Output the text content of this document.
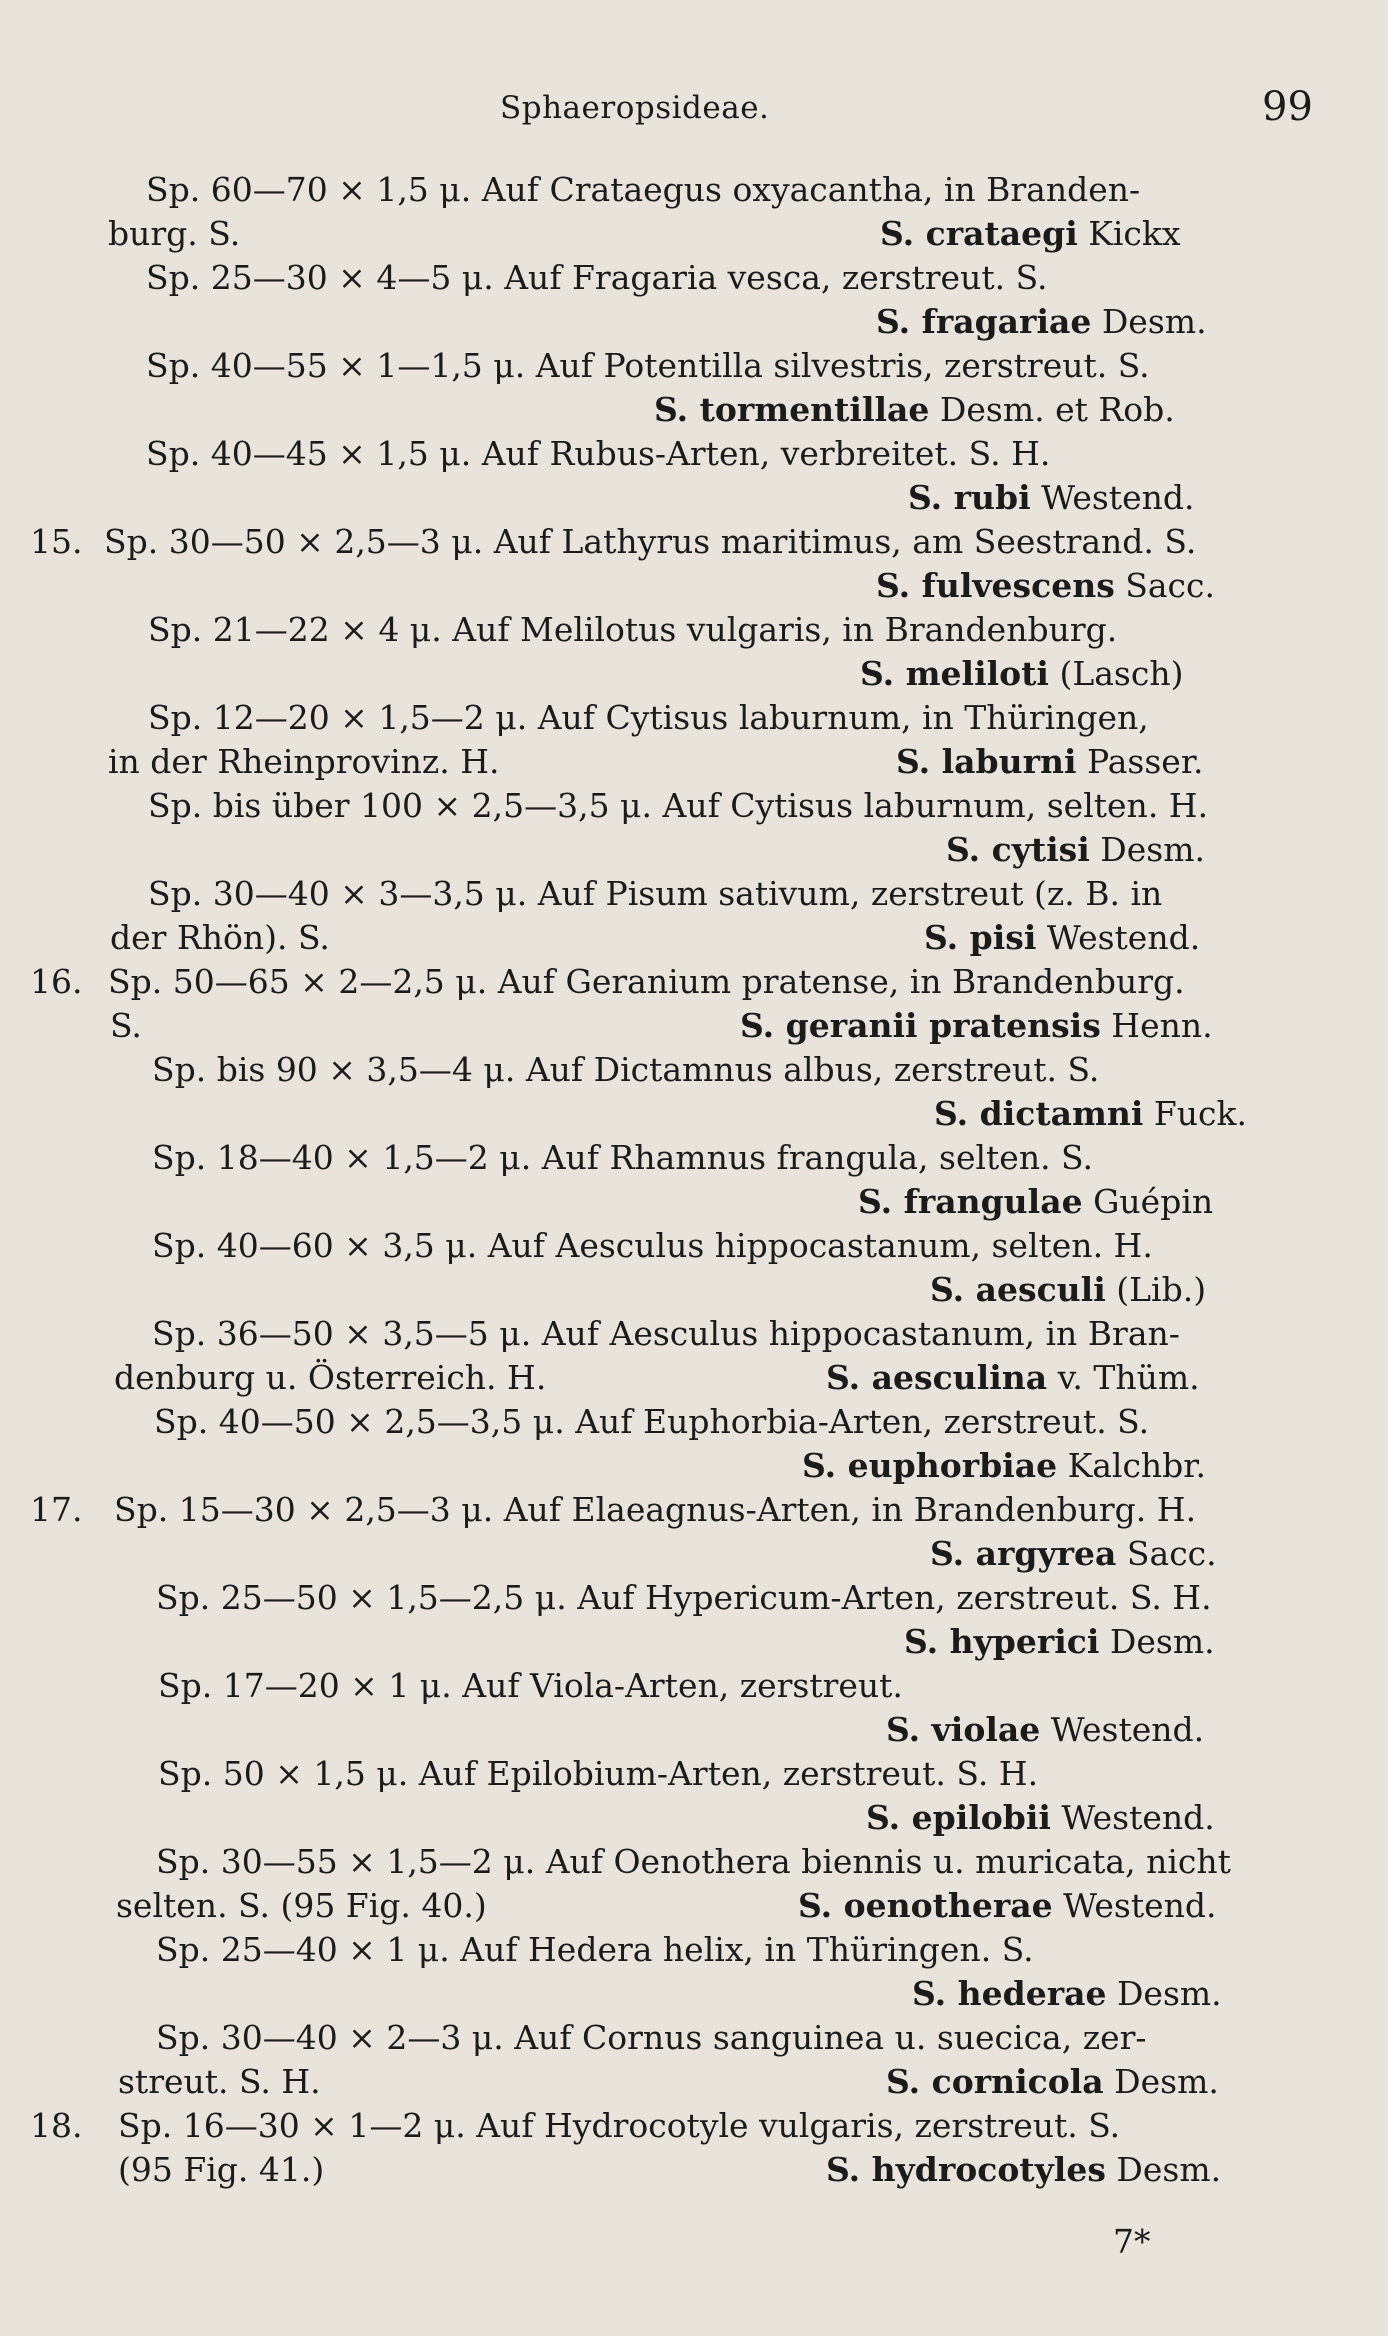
Sphaeropsideae.	99
Sp. 60—70 × 1,5 μ. Auf Crataegus oxyacantha, in Branden-
burg. S.	S. crataegi Kickx
Sp. 25—30 × 4—5 μ. Auf Fragaria vesca, zerstreut. S.
S. fragariae Desm.
Sp. 40—55 × 1—1,5 μ. Auf Potentilla silvestris, zerstreut. S.
S. tormentillae Desm. et Rob.
Sp. 40—45 × 1,5 μ. Auf Rubus-Arten, verbreitet. S. H.
S. rubi Westend.
15. Sp. 30—50 × 2,5—3 μ. Auf Lathyrus maritimus, am Seestrand. S.
S. fulvescens Sacc.
Sp. 21—22 × 4 μ. Auf Melilotus vulgaris, in Brandenburg.
S. meliloti (Lasch)
Sp. 12—20 × 1,5—2 μ. Auf Cytisus laburnum, in Thüringen,
in der Rheinprovinz. H.	S. laburni Passer.
Sp. bis über 100 × 2,5—3,5 μ. Auf Cytisus laburnum, selten. H.
S. cytisi Desm.
Sp. 30—40 × 3—3,5 μ. Auf Pisum sativum, zerstreut (z. B. in
der Rhön). S.	S. pisi Westend.
16. Sp. 50—65 × 2—2,5 μ. Auf Geranium pratense, in Brandenburg.
S.	S. geranii pratensis Henn.
Sp. bis 90 × 3,5—4 μ. Auf Dictamnus albus, zerstreut. S.
S. dictamni Fuck.
Sp. 18—40 × 1,5—2 μ. Auf Rhamnus frangula, selten. S.
S. frangulae Guépin
Sp. 40—60 × 3,5 μ. Auf Aesculus hippocastanum, selten. H.
S. aesculi (Lib.)
Sp. 36—50 × 3,5—5 μ. Auf Aesculus hippocastanum, in Bran-
denburg u. Österreich. H.	S. aesculina v. Thüm.
Sp. 40—50 × 2,5—3,5 μ. Auf Euphorbia-Arten, zerstreut. S.
S. euphorbiae Kalchbr.
17. Sp. 15—30 × 2,5—3 μ. Auf Elaeagnus-Arten, in Brandenburg. H.
S. argyrea Sacc.
Sp. 25—50 × 1,5—2,5 μ. Auf Hypericum-Arten, zerstreut. S. H.
S. hyperici Desm.
Sp. 17—20 × 1 μ. Auf Viola-Arten, zerstreut.
S. violae Westend.
Sp. 50 × 1,5 μ. Auf Epilobium-Arten, zerstreut. S. H.
S. epilobii Westend.
Sp. 30—55 × 1,5—2 μ. Auf Oenothera biennis u. muricata, nicht
selten. S. (95 Fig. 40.)	S. oenotherae Westend.
Sp. 25—40 × 1 μ. Auf Hedera helix, in Thüringen. S.
S. hederae Desm.
Sp. 30—40 × 2—3 μ. Auf Cornus sanguinea u. suecica, zer-
streut. S. H.	S. cornicola Desm.
18. Sp. 16—30 × 1—2 μ. Auf Hydrocotyle vulgaris, zerstreut. S.
(95 Fig. 41.)	S. hydrocotyles Desm.
7*
